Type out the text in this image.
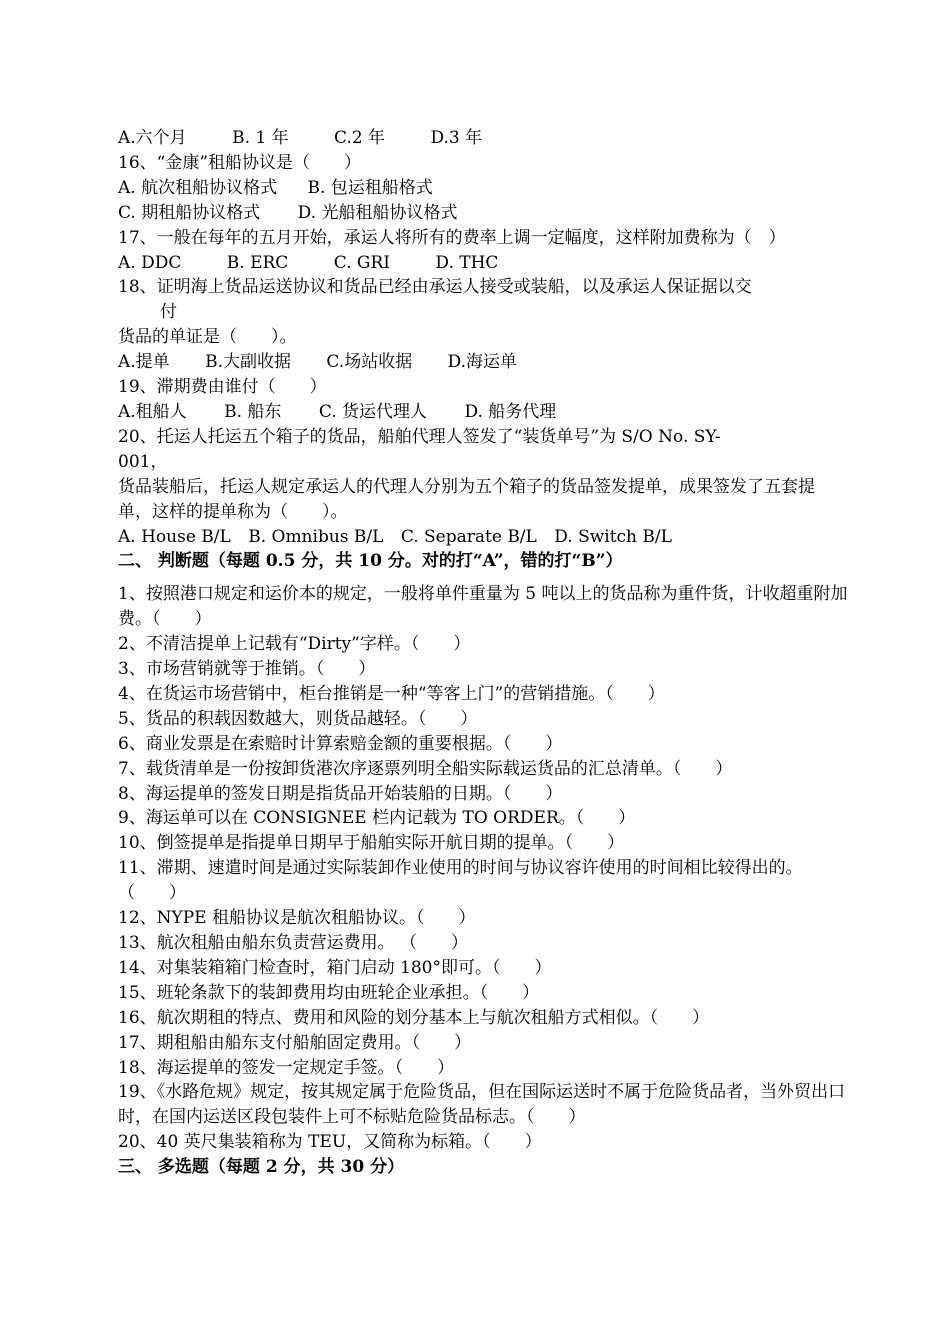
A.六个月	B. 1 年	C.2 年	D.3 年
16、“金康”租船协议是（　　）
A. 航次租船协议格式 B. 包运租船格式
C. 期租船协议格式 D. 光船租船协议格式
17、一般在每年的五月开始，承运人将所有的费率上调一定幅度，这样附加费称为（　）
A. DDC	B. ERC	C. GRI	D. THC
18、证明海上货品运送协议和货品已经由承运人接受或装船，以及承运人保证据以交
付
货品的单证是（　　）。
A.提单 B.大副收据 C.场站收据 D.海运单
19、滞期费由谁付（　　）
A.租船人 B. 船东 C. 货运代理人 D. 船务代理
20、托运人托运五个箱子的货品，船舶代理人签发了“装货单号”为 S/O No. SY-
001，
货品装船后，托运人规定承运人的代理人分别为五个箱子的货品签发提单，成果签发了五套提单，这样的提单称为（　　）。
A. House B/L B. Omnibus B/L C. Separate B/L D. Switch B/L
二、 判断题（每题 0.5 分，共 10 分。对的打“A”，错的打“B”）
1、按照港口规定和运价本的规定，一般将单件重量为 5 吨以上的货品称为重件货，计收超重附加费。（　　）
2、不清洁提单上记载有“Dirty”字样。（　　）
3、市场营销就等于推销。（　　）
4、在货运市场营销中，柜台推销是一种“等客上门”的营销措施。（　　）
5、货品的积载因数越大，则货品越轻。（　　）
6、商业发票是在索赔时计算索赔金额的重要根据。（　　）
7、载货清单是一份按卸货港次序逐票列明全船实际载运货品的汇总清单。（　　）
8、海运提单的签发日期是指货品开始装船的日期。（　　）
9、海运单可以在 CONSIGNEE 栏内记载为 TO ORDER。（　　）
10、倒签提单是指提单日期早于船舶实际开航日期的提单。（　　）
11、滞期、速遣时间是通过实际装卸作业使用的时间与协议容许使用的时间相比较得出的。（　　）
12、NYPE 租船协议是航次租船协议。（　　）
13、航次租船由船东负责营运费用。 （　　）
14、对集装箱箱门检查时，箱门启动 180°即可。（　　）
15、班轮条款下的装卸费用均由班轮企业承担。（　　）
16、航次期租的特点、费用和风险的划分基本上与航次租船方式相似。（　　）
17、期租船由船东支付船舶固定费用。（　　）
18、海运提单的签发一定规定手签。（　　）
19、《水路危规》规定，按其规定属于危险货品，但在国际运送时不属于危险货品者，当外贸出口时，在国内运送区段包装件上可不标贴危险货品标志。（　　）
20、40 英尺集装箱称为 TEU，又简称为标箱。（　　）
三、 多选题（每题 2 分，共 30 分）
